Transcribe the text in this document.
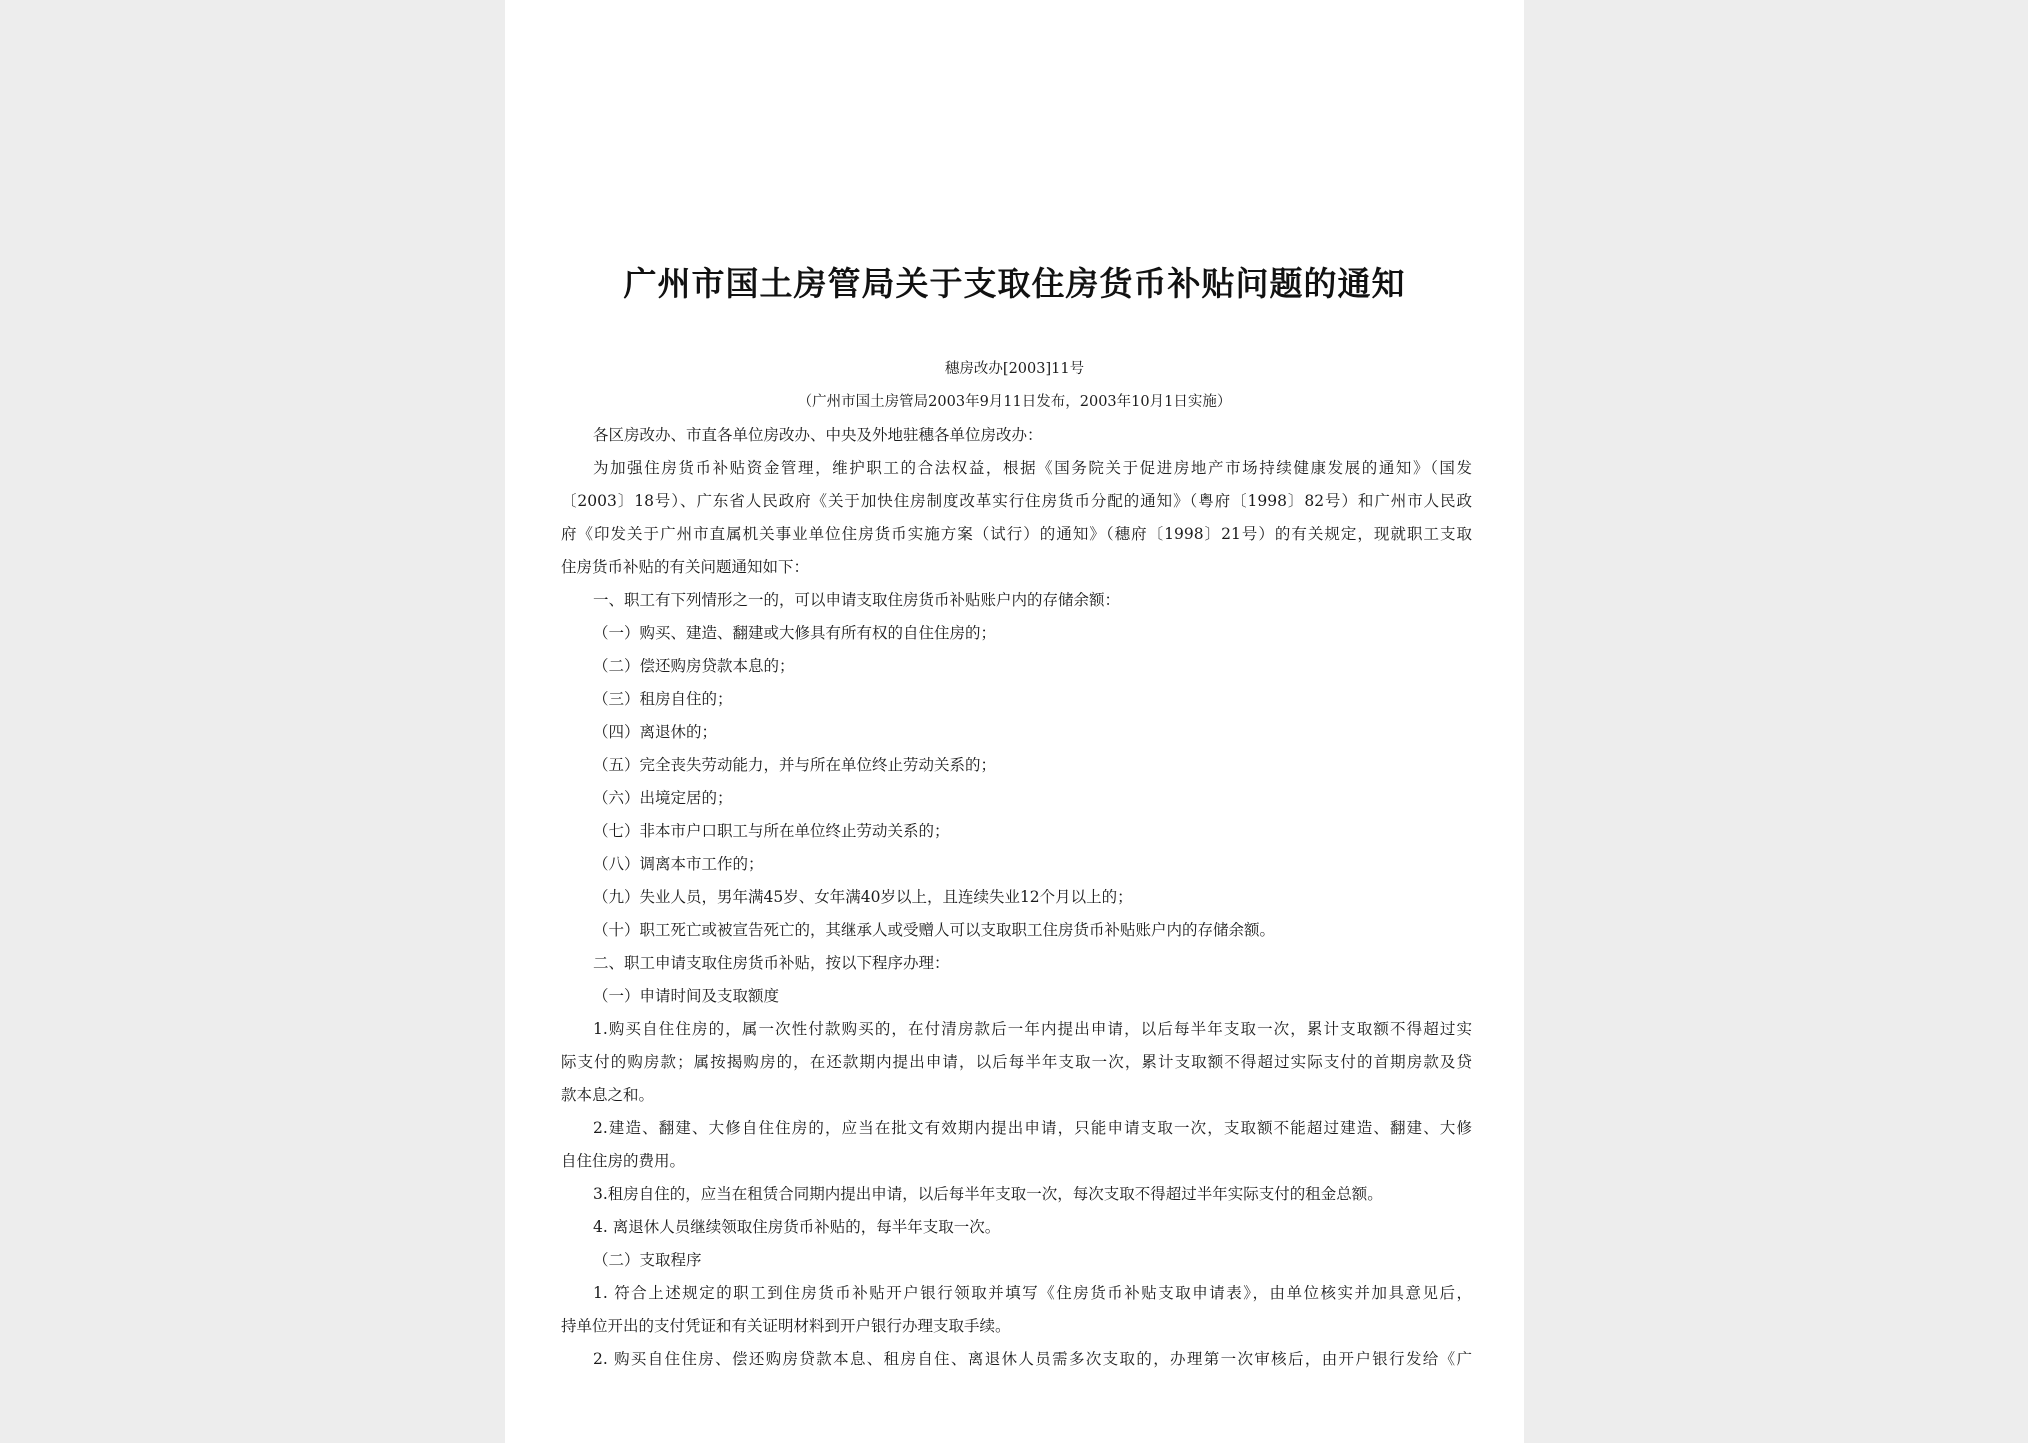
广州市国土房管局关于支取住房货币补贴问题的通知
穗房改办[2003]11号
（广州市国土房管局2003年9月11日发布，2003年10月1日实施）
各区房改办、市直各单位房改办、中央及外地驻穗各单位房改办：
为加强住房货币补贴资金管理，维护职工的合法权益，根据《国务院关于促进房地产市场持续健康发展的通知》（国发
〔2003〕18号）、广东省人民政府《关于加快住房制度改革实行住房货币分配的通知》（粤府〔1998〕82号）和广州市人民政
府《印发关于广州市直属机关事业单位住房货币实施方案（试行）的通知》（穗府〔1998〕21号）的有关规定，现就职工支取
住房货币补贴的有关问题通知如下：
一、职工有下列情形之一的，可以申请支取住房货币补贴账户内的存储余额：
（一）购买、建造、翻建或大修具有所有权的自住住房的；
（二）偿还购房贷款本息的；
（三）租房自住的；
（四）离退休的；
（五）完全丧失劳动能力，并与所在单位终止劳动关系的；
（六）出境定居的；
（七）非本市户口职工与所在单位终止劳动关系的；
（八）调离本市工作的；
（九）失业人员，男年满45岁、女年满40岁以上，且连续失业12个月以上的；
（十）职工死亡或被宣告死亡的，其继承人或受赠人可以支取职工住房货币补贴账户内的存储余额。
二、职工申请支取住房货币补贴，按以下程序办理：
（一）申请时间及支取额度
1.购买自住住房的，属一次性付款购买的，在付清房款后一年内提出申请，以后每半年支取一次，累计支取额不得超过实
际支付的购房款；属按揭购房的，在还款期内提出申请，以后每半年支取一次，累计支取额不得超过实际支付的首期房款及贷
款本息之和。
2.建造、翻建、大修自住住房的，应当在批文有效期内提出申请，只能申请支取一次，支取额不能超过建造、翻建、大修
自住住房的费用。
3.租房自住的，应当在租赁合同期内提出申请，以后每半年支取一次，每次支取不得超过半年实际支付的租金总额。
4. 离退休人员继续领取住房货币补贴的，每半年支取一次。
（二）支取程序
1. 符合上述规定的职工到住房货币补贴开户银行领取并填写《住房货币补贴支取申请表》，由单位核实并加具意见后，
持单位开出的支付凭证和有关证明材料到开户银行办理支取手续。
2. 购买自住住房、偿还购房贷款本息、租房自住、离退休人员需多次支取的，办理第一次审核后，由开户银行发给《广
